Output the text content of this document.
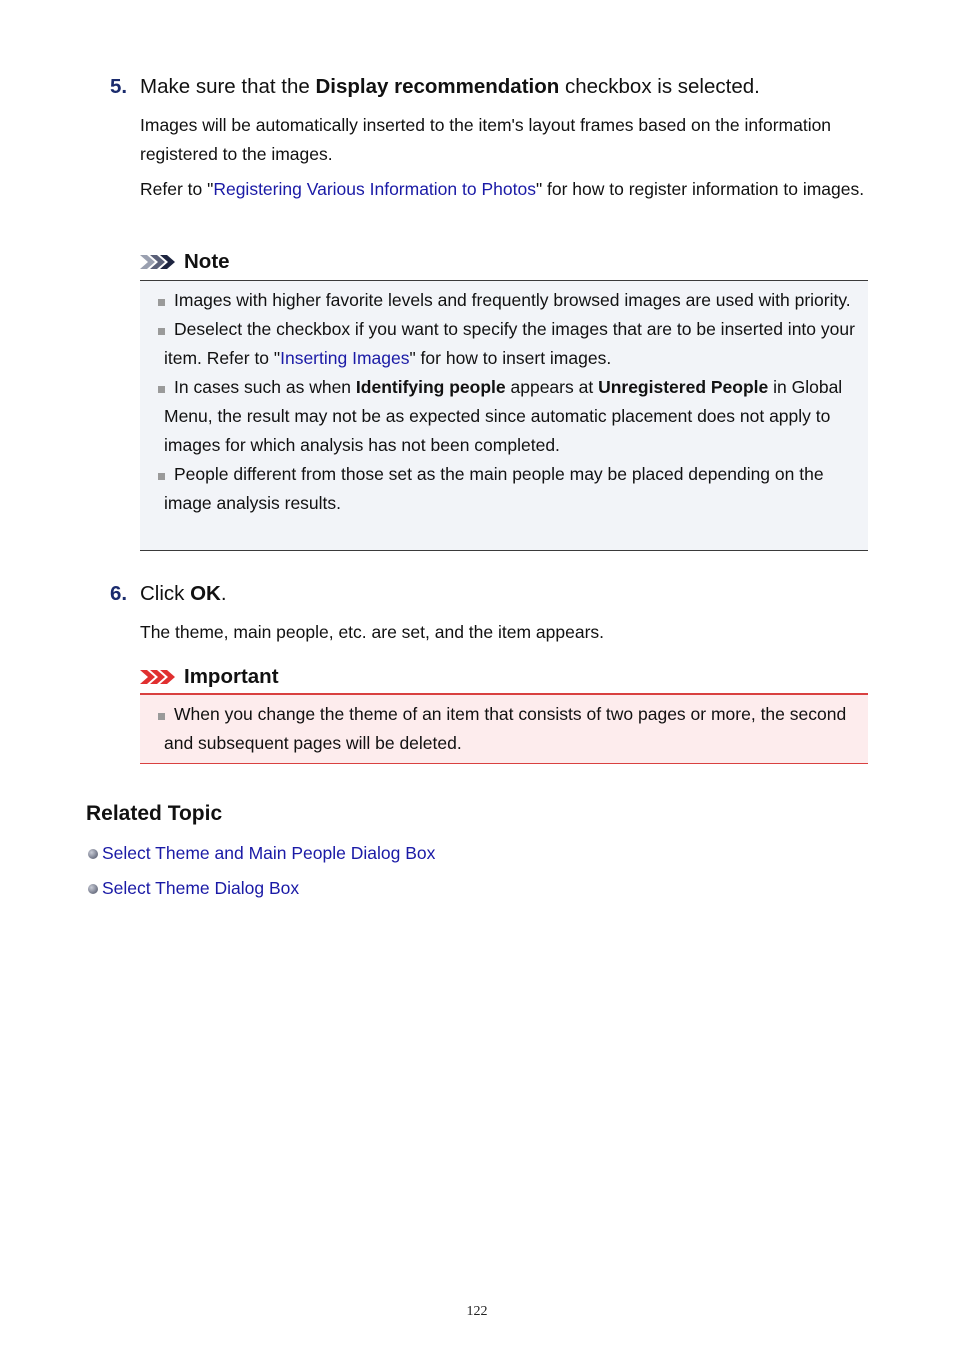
5. Make sure that the Display recommendation checkbox is selected.
Images will be automatically inserted to the item's layout frames based on the information registered to the images.
Refer to "Registering Various Information to Photos" for how to register information to images.
Note
Images with higher favorite levels and frequently browsed images are used with priority.
Deselect the checkbox if you want to specify the images that are to be inserted into your item. Refer to "Inserting Images" for how to insert images.
In cases such as when Identifying people appears at Unregistered People in Global Menu, the result may not be as expected since automatic placement does not apply to images for which analysis has not been completed.
People different from those set as the main people may be placed depending on the image analysis results.
6. Click OK.
The theme, main people, etc. are set, and the item appears.
Important
When you change the theme of an item that consists of two pages or more, the second and subsequent pages will be deleted.
Related Topic
Select Theme and Main People Dialog Box
Select Theme Dialog Box
122
